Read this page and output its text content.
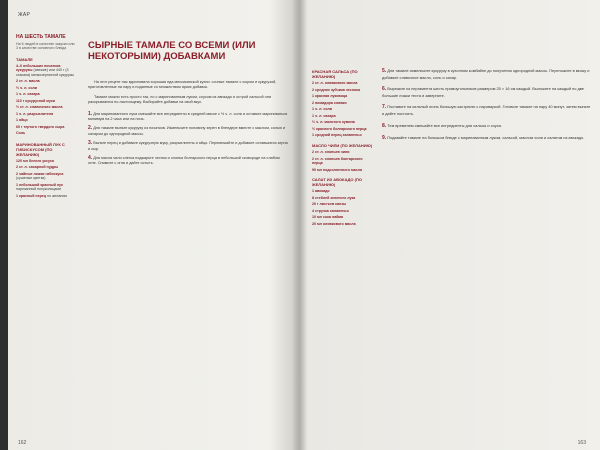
ЖАР
НА ШЕСТЬ ТАМАЛЕ
На 6 людей в качестве закуски или 3 в качестве основного блюда
ТАМАЛЕ
4–6 небольших початков кукурузы (свежие) или 440 г (3 стакана) мелкозернистой кукурузы
2 ст. л. масла
½ ч. л. соли
1 ч. л. сахара
110 г кукурузной муки
½ ст. л. сливочного масла
1 ч. л. разрыхлителя
1 яйцо
60 г тертого твердого сыра
Соль
МАРИНОВАННЫЙ ЛУК С ГИБИСКУСОМ (ПО ЖЕЛАНИЮ)
120 мл белого уксуса
2 ст. л. сахарной пудры
2 чайные ложки гибискуса (сушеные цветки)
1 небольшой красный лук нарезанный полукольцами
1 красный перец по желанию
СЫРНЫЕ ТАМАЛЕ СО ВСЕМИ (ИЛИ НЕКОТОРЫМИ) ДОБАВКАМИ

На этот рецепт нас вдохновила хорошая еда мексиканской кухни: сочные тамале с сыром и кукурузой, приготовленные на пару и поданные со множеством ярких добавок.

Тамале можно есть просто так, но с маринованным луком, соусом из авокадо и острой сальсой они раскрываются по-настоящему. Выбирайте добавки на свой вкус.

1. Для маринованного лука смешайте все ингредиенты в средней миске с ½ ч. л. соли и оставьте мариноваться минимум на 2 часа или на ночь.
2. Для тамале выньте кукурузу из початков. Измельчите половину зерен в блендере вместе с маслом, солью и сахаром до однородной массы.
3. Выньте перец и добавьте кукурузную муку, разрыхлитель и яйцо. Перемешайте и добавьте оставшиеся зерна и сыр.
4. Для масла чили слегка поджарьте чеснок и хлопья болгарского перца в небольшой сковороде на слабом огне. Снимите с огня и дайте остыть.
162
КРАСНАЯ САЛЬСА (ПО ЖЕЛАНИЮ)
2 ст. л. оливкового масла
2 средних зубчика чеснока
1 красная луковица
2 помидора сливки
1 ч. л. соли
1 ч. л. сахара
½ ч. л. молотого кумина
½ красного болгарского перца
1 средний перец халапеньо
МАСЛО ЧИЛИ (ПО ЖЕЛАНИЮ)
2 ст. л. хлопьев чили
2 ст. л. хлопьев болгарского перца
90 мл подсолнечного масла
САЛАТ ИЗ АВОКАДО (ПО ЖЕЛАНИЮ)
1 авокадо
8 стеблей зеленого лука
20 г листьев кинзы
4 стручка халапеньо
10 мл сока лайма
20 мл оливкового масла
5. Для тамале измельчите кукурузу в кухонном комбайне до получения однородной массы. Переложите в миску и добавьте сливочное масло, соль и сахар.
6. Вырежьте из пергамента шесть прямоугольников размером 25 × 16 см каждый. Выложите на каждый по две большие ложки теста и заверните.
7. Поставьте на сильный огонь большую кастрюлю с пароваркой. Готовьте тамале на пару 40 минут, затем выньте и дайте постоять.
8. Тем временем смешайте все ингредиенты для сальсы и соуса.
9. Подавайте тамале на большом блюде с маринованным луком, сальсой, маслом чили и салатом из авокадо.
163
